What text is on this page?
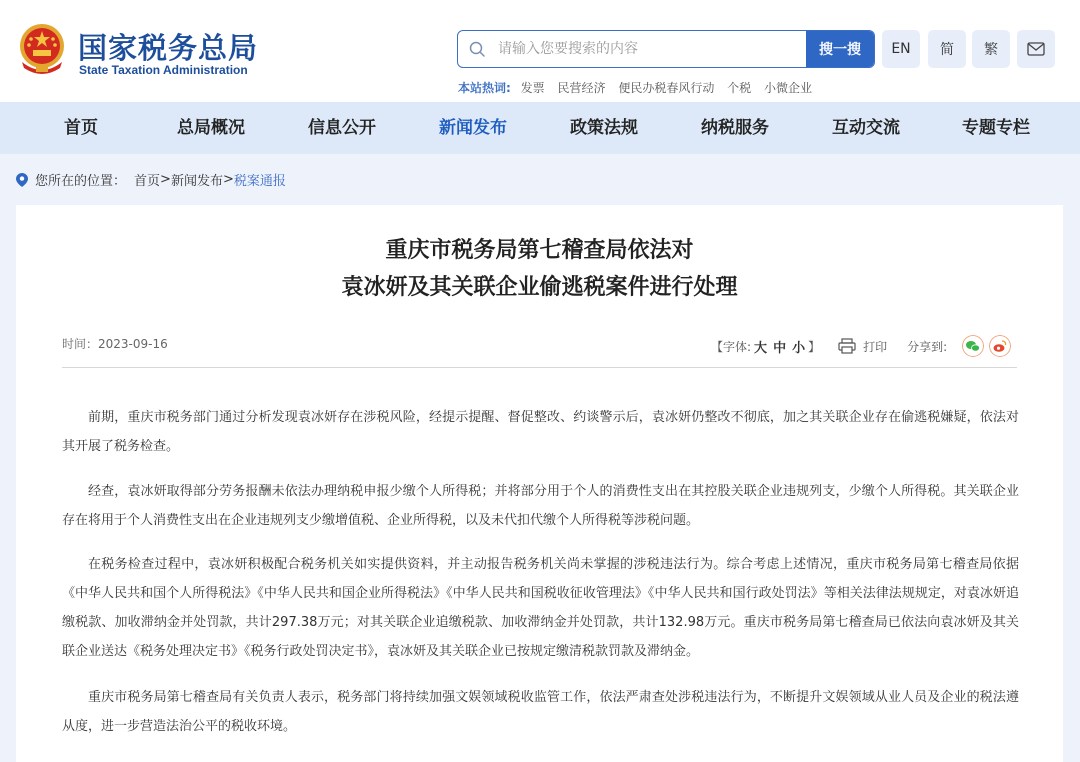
国家税务总局
State Taxation Administration
请输入您要搜索的内容
搜一搜	EN	简	繁
本站热词: 发票 民营经济 便民办税春风行动 个税 小微企业
首页	总局概况	信息公开	新闻发布	政策法规	纳税服务	互动交流	专题专栏
您所在的位置： 首页 > 新闻发布 > 税案通报
重庆市税务局第七稽查局依法对
袁冰妍及其关联企业偷逃税案件进行处理
时间：2023-09-16	【字体: 大 中 小 】	打印 分享到:

前期，重庆市税务部门通过分析发现袁冰妍存在涉税风险，经提示提醒、督促整改、约谈警示后，袁冰妍仍整改不彻底，加之其关联企业存在偷逃税嫌疑，依法对其开展了税务检查。

经查，袁冰妍取得部分劳务报酬未依法办理纳税申报少缴个人所得税；并将部分用于个人的消费性支出在其控股关联企业违规列支，少缴个人所得税。其关联企业存在将用于个人消费性支出在企业违规列支少缴增值税、企业所得税，以及未代扣代缴个人所得税等涉税问题。

在税务检查过程中，袁冰妍积极配合税务机关如实提供资料，并主动报告税务机关尚未掌握的涉税违法行为。综合考虑上述情况，重庆市税务局第七稽查局依据《中华人民共和国个人所得税法》《中华人民共和国企业所得税法》《中华人民共和国税收征收管理法》《中华人民共和国行政处罚法》等相关法律法规规定，对袁冰妍追缴税款、加收滞纳金并处罚款，共计297.38万元；对其关联企业追缴税款、加收滞纳金并处罚款，共计132.98万元。重庆市税务局第七稽查局已依法向袁冰妍及其关联企业送达《税务处理决定书》《税务行政处罚决定书》，袁冰妍及其关联企业已按规定缴清税款罚款及滞纳金。

重庆市税务局第七稽查局有关负责人表示，税务部门将持续加强文娱领域税收监管工作，依法严肃查处涉税违法行为，不断提升文娱领域从业人员及企业的税法遵从度，进一步营造法治公平的税收环境。
